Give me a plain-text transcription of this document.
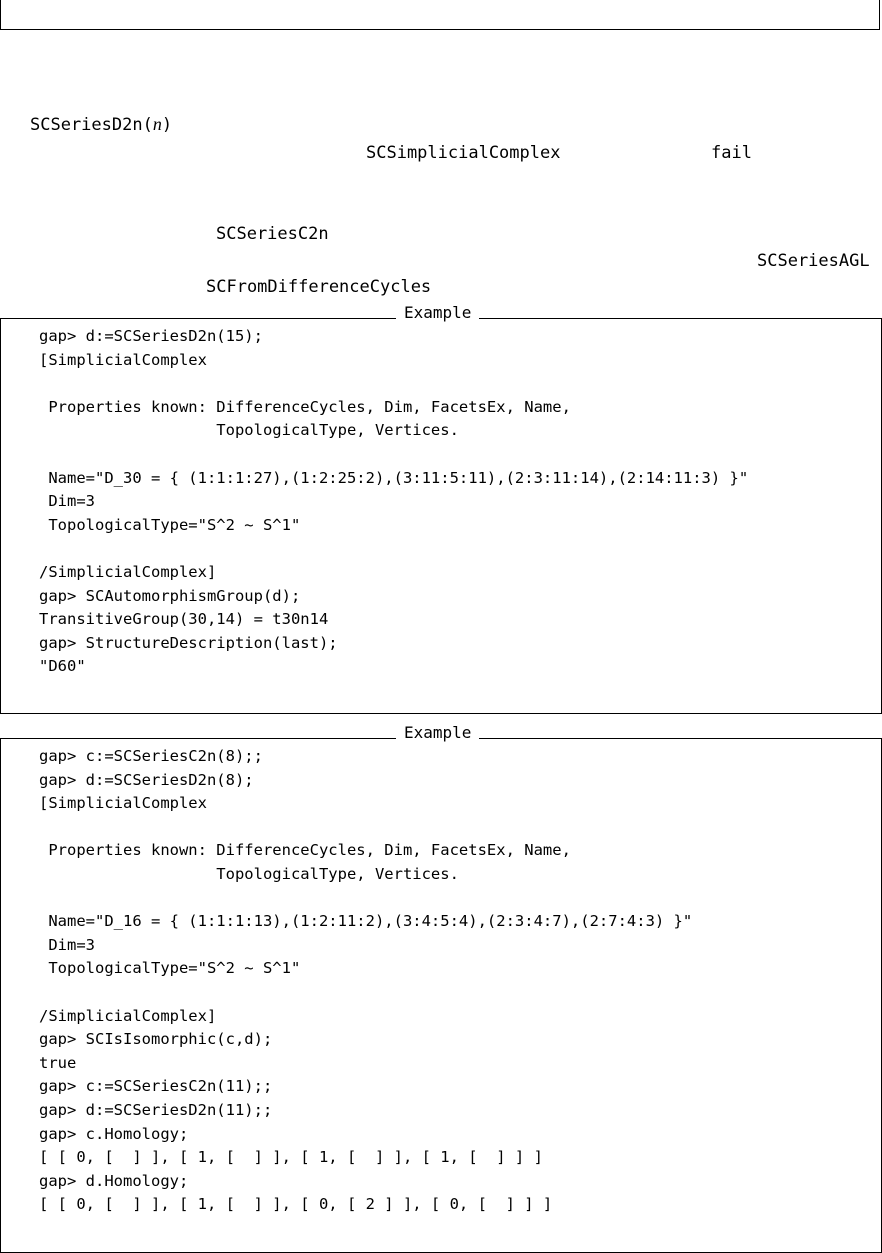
SCSeriesD2n(n)
SCSimplicialComplex	fail
SCSeriesC2n
SCSeriesAGL
SCFromDifferenceCycles
Example
gap> d:=SCSeriesD2n(15);
[SimplicialComplex

Properties known: DifferenceCycles, Dim, FacetsEx, Name,
TopologicalType, Vertices.

Name="D_30 = { (1:1:1:27),(1:2:25:2),(3:11:5:11),(2:3:11:14),(2:14:11:3) }"
Dim=3
TopologicalType="S^2 ~ S^1"

/SimplicialComplex]
gap> SCAutomorphismGroup(d);
TransitiveGroup(30,14) = t30n14
gap> StructureDescription(last);
"D60"
Example
gap> c:=SCSeriesC2n(8);;
gap> d:=SCSeriesD2n(8);
[SimplicialComplex

Properties known: DifferenceCycles, Dim, FacetsEx, Name,
TopologicalType, Vertices.

Name="D_16 = { (1:1:1:13),(1:2:11:2),(3:4:5:4),(2:3:4:7),(2:7:4:3) }"
Dim=3
TopologicalType="S^2 ~ S^1"

/SimplicialComplex]
gap> SCIsIsomorphic(c,d);
true
gap> c:=SCSeriesC2n(11);;
gap> d:=SCSeriesD2n(11);;
gap> c.Homology;
[ [ 0, [  ] ], [ 1, [  ] ], [ 1, [  ] ], [ 1, [  ] ] ]
gap> d.Homology;
[ [ 0, [  ] ], [ 1, [  ] ], [ 0, [ 2 ] ], [ 0, [  ] ] ]
